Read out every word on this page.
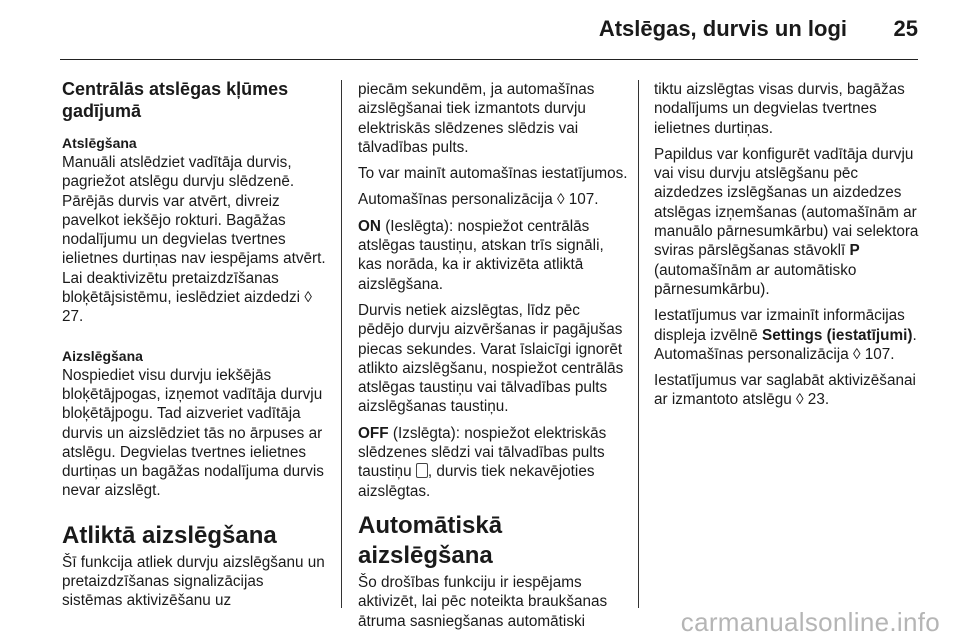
Atslēgas, durvis un logi 25
Centrālās atslēgas kļūmes gadījumā
Atslēgšana

Manuāli atslēdziet vadītāja durvis, pagriežot atslēgu durvju slēdzenē. Pārējās durvis var atvērt, divreiz pavelkot iekšējo rokturi. Bagāžas nodalījumu un degvielas tvertnes ielietnes durtiņas nav iespējams atvērt. Lai deaktivizētu pretaizdzīšanas bloķētājsistēmu, ieslēdziet aizdedzi ◊ 27.

Aizslēgšana

Nospiediet visu durvju iekšējās bloķētājpogas, izņemot vadītāja durvju bloķētājpogu. Tad aizveriet vadītāja durvis un aizslēdziet tās no ārpuses ar atslēgu. Degvielas tvertnes ielietnes durtiņas un bagāžas nodalījuma durvis nevar aizslēgt.

Atliktā aizslēgšana

Šī funkcija atliek durvju aizslēgšanu un pretaizdzīšanas signalizācijas sistēmas aktivizēšanu uz

piecām sekundēm, ja automašīnas aizslēgšanai tiek izmantots durvju elektriskās slēdzenes slēdzis vai tālvadības pults.

To var mainīt automašīnas iestatījumos.

Automašīnas personalizācija ◊ 107.

ON (Ieslēgta): nospiežot centrālās atslēgas taustiņu, atskan trīs signāli, kas norāda, ka ir aktivizēta atliktā aizslēgšana.

Durvis netiek aizslēgtas, līdz pēc pēdējo durvju aizvēršanas ir pagājušas piecas sekundes. Varat īslaicīgi ignorēt atlikto aizslēgšanu, nospiežot centrālās atslēgas taustiņu vai tālvadības pults aizslēgšanas taustiņu.

OFF (Izslēgta): nospiežot elektriskās slēdzenes slēdzi vai tālvadības pults taustiņu , durvis tiek nekavējoties aizslēgtas.

Automātiskā aizslēgšana

Šo drošības funkciju ir iespējams aktivizēt, lai pēc noteikta braukšanas ātruma sasniegšanas automātiski

tiktu aizslēgtas visas durvis, bagāžas nodalījums un degvielas tvertnes ielietnes durtiņas.

Papildus var konfigurēt vadītāja durvju vai visu durvju atslēgšanu pēc aizdedzes izslēgšanas un aizdedzes atslēgas izņemšanas (automašīnām ar manuālo pārnesumkārbu) vai selektora sviras pārslēgšanas stāvoklī P (automašīnām ar automātisko pārnesumkārbu).

Iestatījumus var izmainīt informācijas displeja izvēlnē Settings (iestatījumi). Automašīnas personalizācija ◊ 107.

Iestatījumus var saglabāt aktivizēšanai ar izmantoto atslēgu ◊ 23.

carmanualsonline.info
